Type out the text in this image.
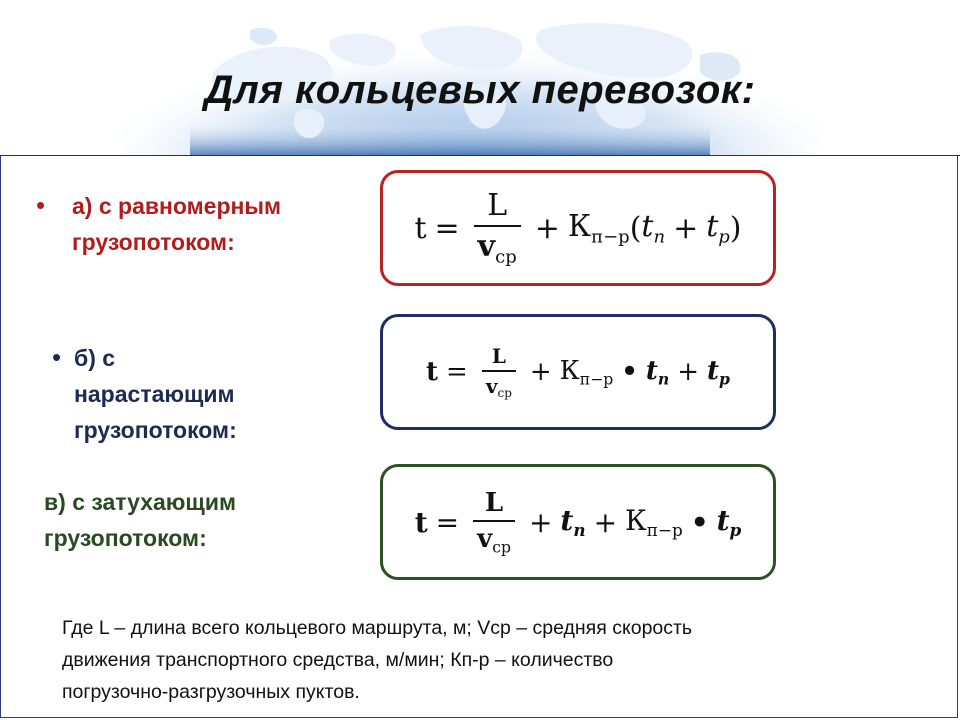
Для кольцевых перевозок:
• а) с равномерным
грузопотоком:	$t = \frac{L}{v_{ср}} + К_{п-р}$ ( $t_n + t_p$ )
• б) с
нарастающим
грузопотоком:
$t = \frac{L}{v_{ср}} + К_{п-р}$ • $t_n + t_p$
в) с затухающим
грузопотоком:	$t = \frac{L}{v_{ср}} + t_n + К_{п-р}$ • $t_p$
Где L – длина всего кольцевого маршрута, м; Vср – средняя скорость
движения транспортного средства, м/мин; Кп-р – количество
погрузочно-разгрузочных пуктов.
